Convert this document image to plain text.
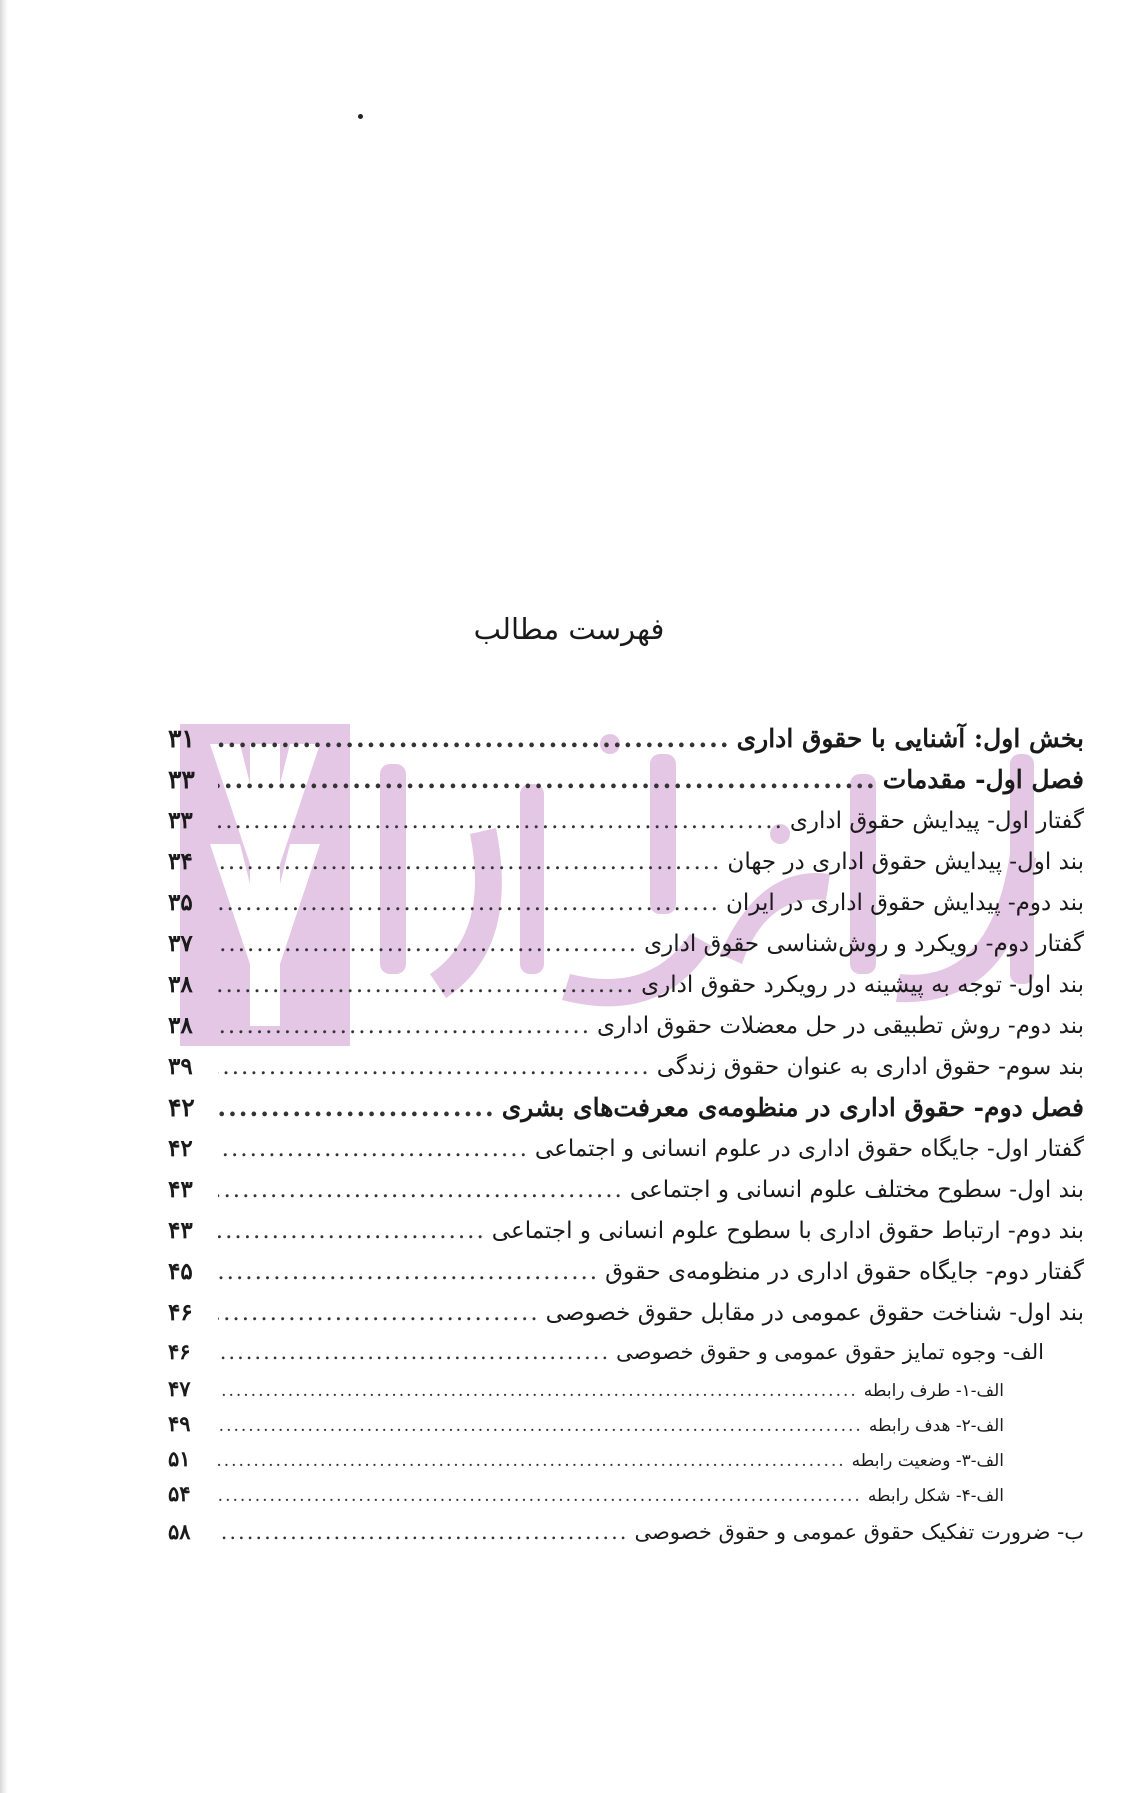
فهرست مطالب
بخش اول: آشنایی با حقوق اداری
.....
۳۱
فصل اول- مقدمات
.....
۳۳
گفتار اول- پیدایش حقوق اداری
.....
۳۳
بند اول- پیدایش حقوق اداری در جهان
.....
۳۴
بند دوم- پیدایش حقوق اداری در ایران
.....
۳۵
گفتار دوم- رویکرد و روش‌شناسی حقوق اداری
.....
۳۷
بند اول- توجه به پیشینه در رویکرد حقوق اداری
.....
۳۸
بند دوم- روش تطبیقی در حل معضلات حقوق اداری
.....
۳۸
بند سوم- حقوق اداری به عنوان حقوق زندگی
.....
۳۹
فصل دوم- حقوق اداری در منظومه‌ی معرفت‌های بشری
.....
۴۲
گفتار اول- جایگاه حقوق اداری در علوم انسانی و اجتماعی
.....
۴۲
بند اول- سطوح مختلف علوم انسانی و اجتماعی
.....
۴۳
بند دوم- ارتباط حقوق اداری با سطوح علوم انسانی و اجتماعی
.....
۴۳
گفتار دوم- جایگاه حقوق اداری در منظومه‌ی حقوق
.....
۴۵
بند اول- شناخت حقوق عمومی در مقابل حقوق خصوصی
.....
۴۶
الف- وجوه تمایز حقوق عمومی و حقوق خصوصی
.....
۴۶
الف-۱- طرف رابطه
.....
۴۷
الف-۲- هدف رابطه
.....
۴۹
الف-۳- وضعیت رابطه
.....
۵۱
الف-۴- شکل رابطه
.....
۵۴
ب- ضرورت تفکیک حقوق عمومی و حقوق خصوصی
.....
۵۸
